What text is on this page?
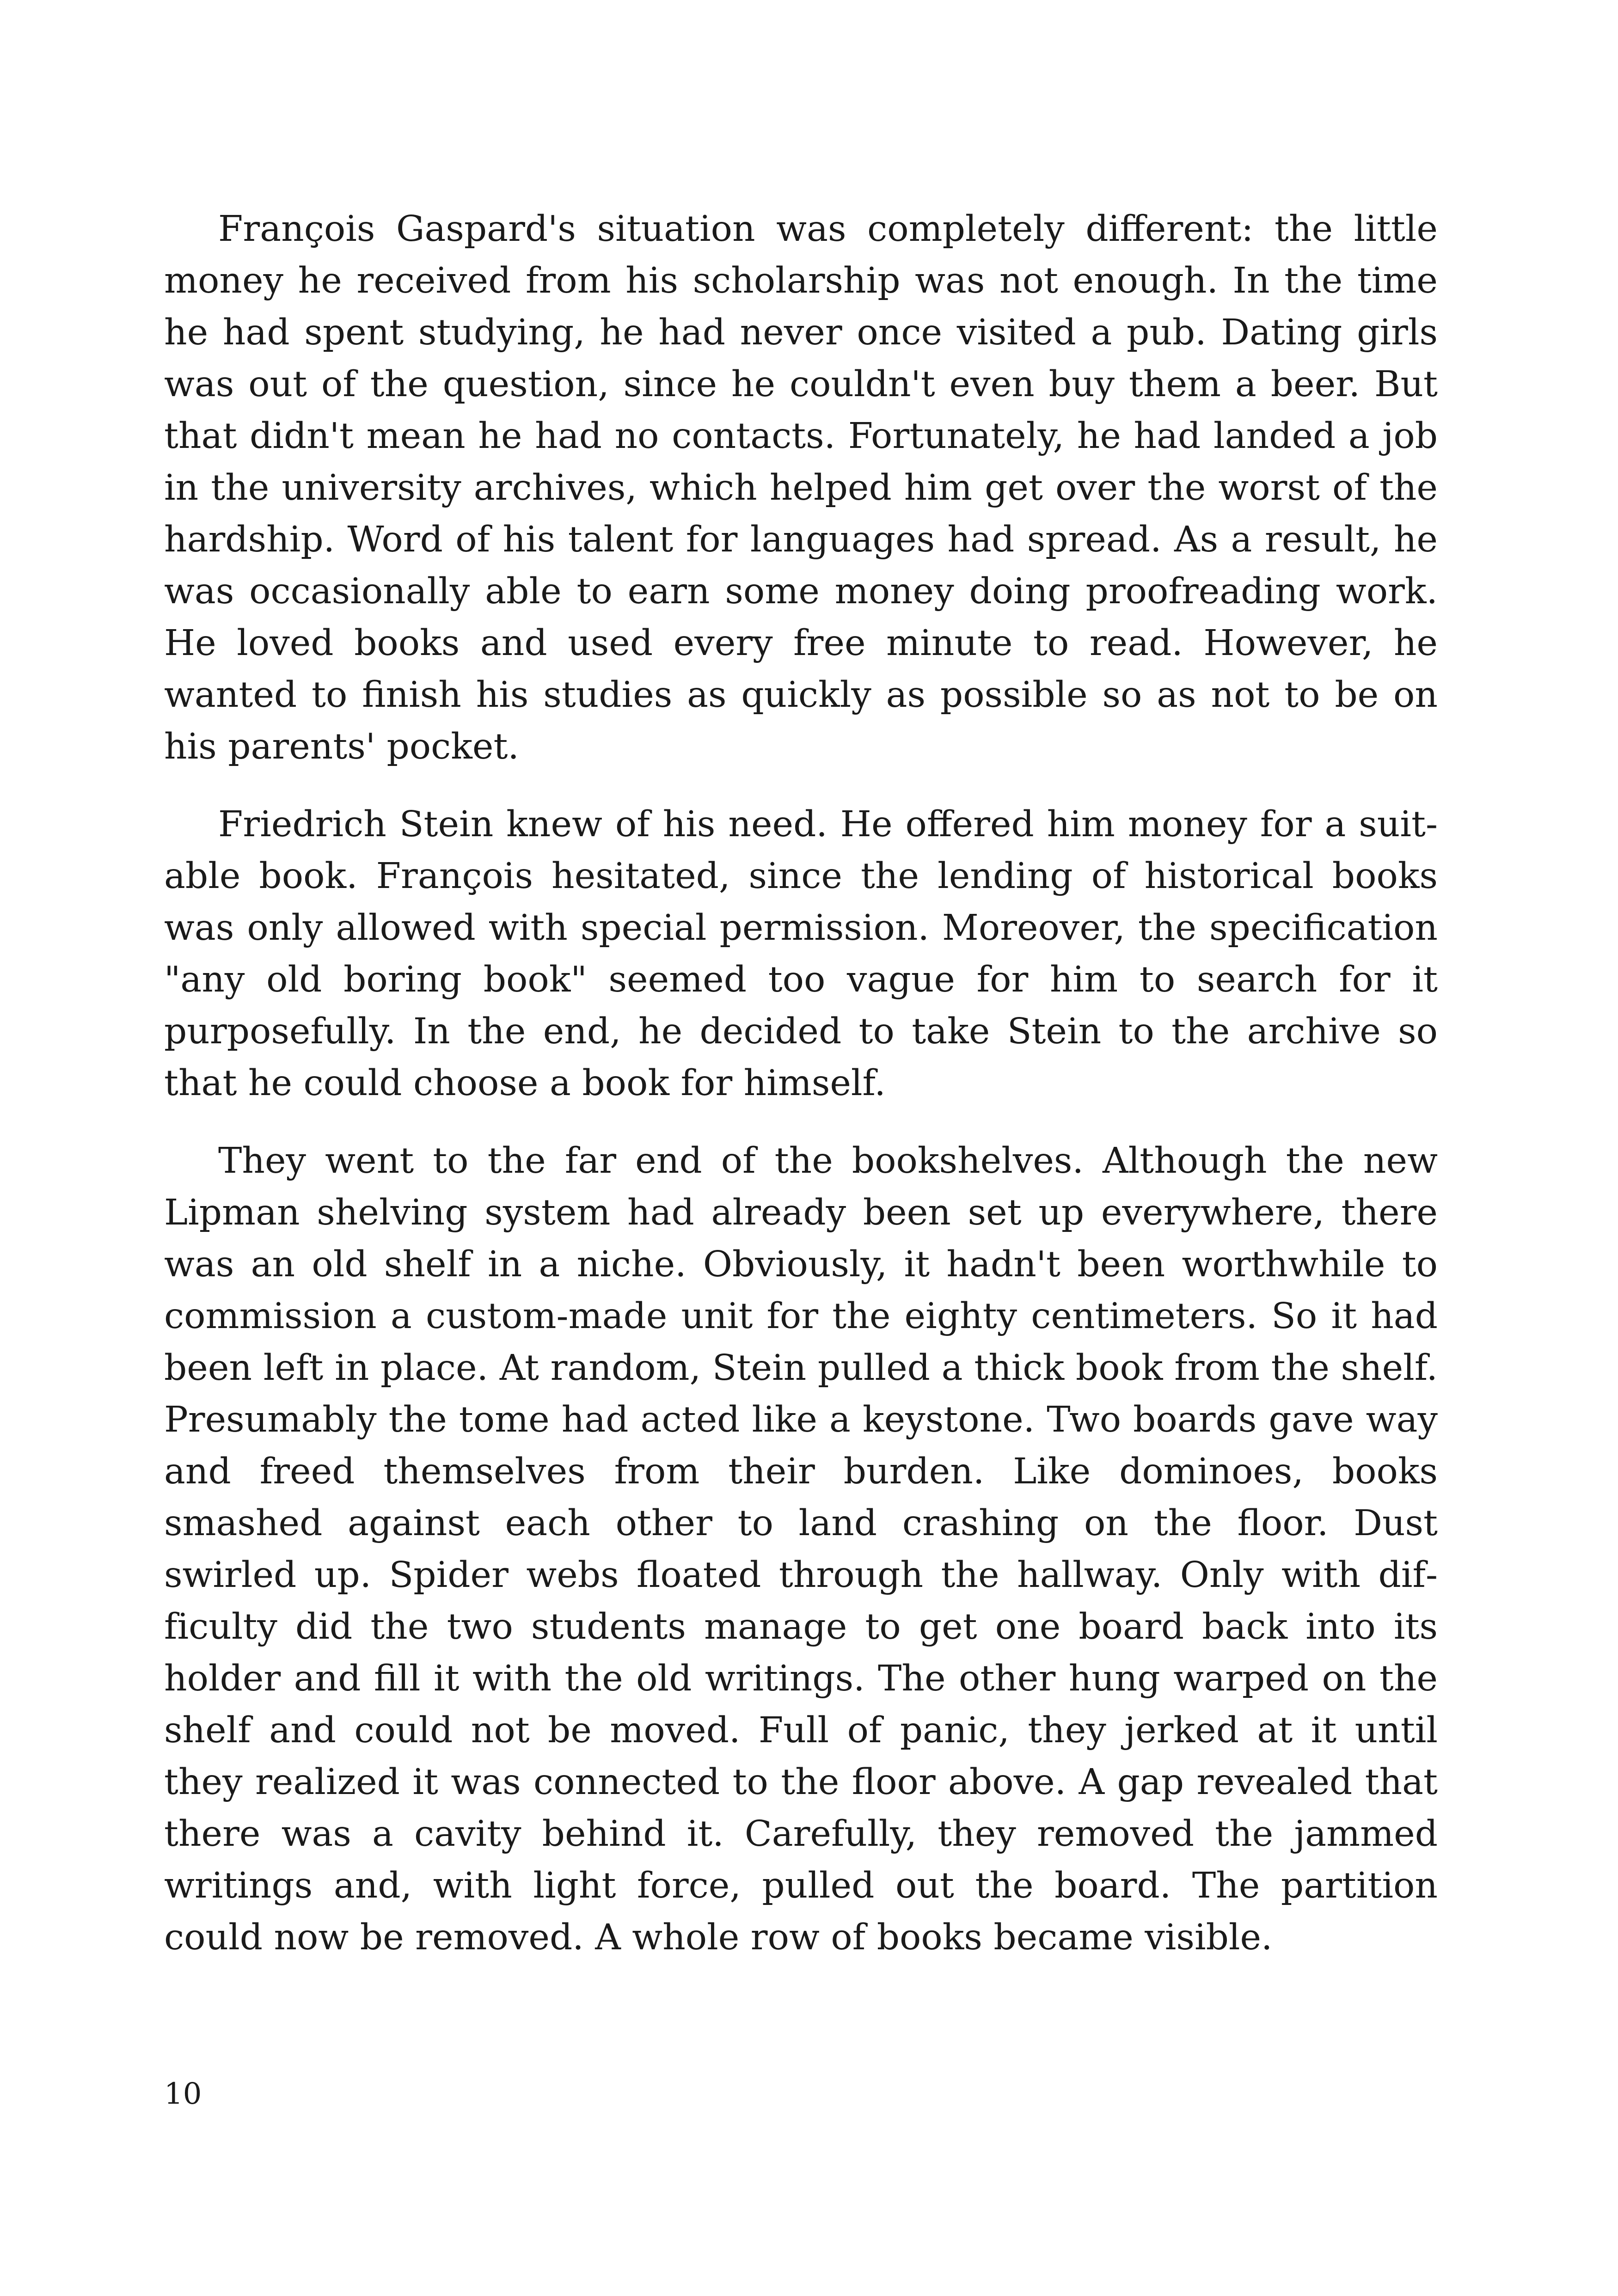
François Gaspard's situation was completely different: the little money he received from his scholarship was not enough. In the time he had spent studying, he had never once visited a pub. Dating girls was out of the question, since he couldn't even buy them a beer. But that didn't mean he had no contacts. Fortunately, he had landed a job in the university archives, which helped him get over the worst of the hardship. Word of his talent for languages had spread. As a result, he was occasionally able to earn some money doing proofreading work. He loved books and used every free minute to read. However, he wanted to finish his studies as quickly as possible so as not to be on his parents' pocket.

Friedrich Stein knew of his need. He offered him money for a suitable book. François hesitated, since the lending of historical books was only allowed with special permission. Moreover, the specification "any old boring book" seemed too vague for him to search for it purposefully. In the end, he decided to take Stein to the archive so that he could choose a book for himself.

They went to the far end of the bookshelves. Although the new Lipman shelving system had already been set up everywhere, there was an old shelf in a niche. Obviously, it hadn't been worthwhile to commission a custom-made unit for the eighty centimeters. So it had been left in place. At random, Stein pulled a thick book from the shelf. Presumably the tome had acted like a keystone. Two boards gave way and freed themselves from their burden. Like dominoes, books smashed against each other to land crashing on the floor. Dust swirled up. Spider webs floated through the hallway. Only with difficulty did the two students manage to get one board back into its holder and fill it with the old writings. The other hung warped on the shelf and could not be moved. Full of panic, they jerked at it until they realized it was connected to the floor above. A gap revealed that there was a cavity behind it. Carefully, they removed the jammed writings and, with light force, pulled out the board. The partition could now be removed. A whole row of books became visible.

10
